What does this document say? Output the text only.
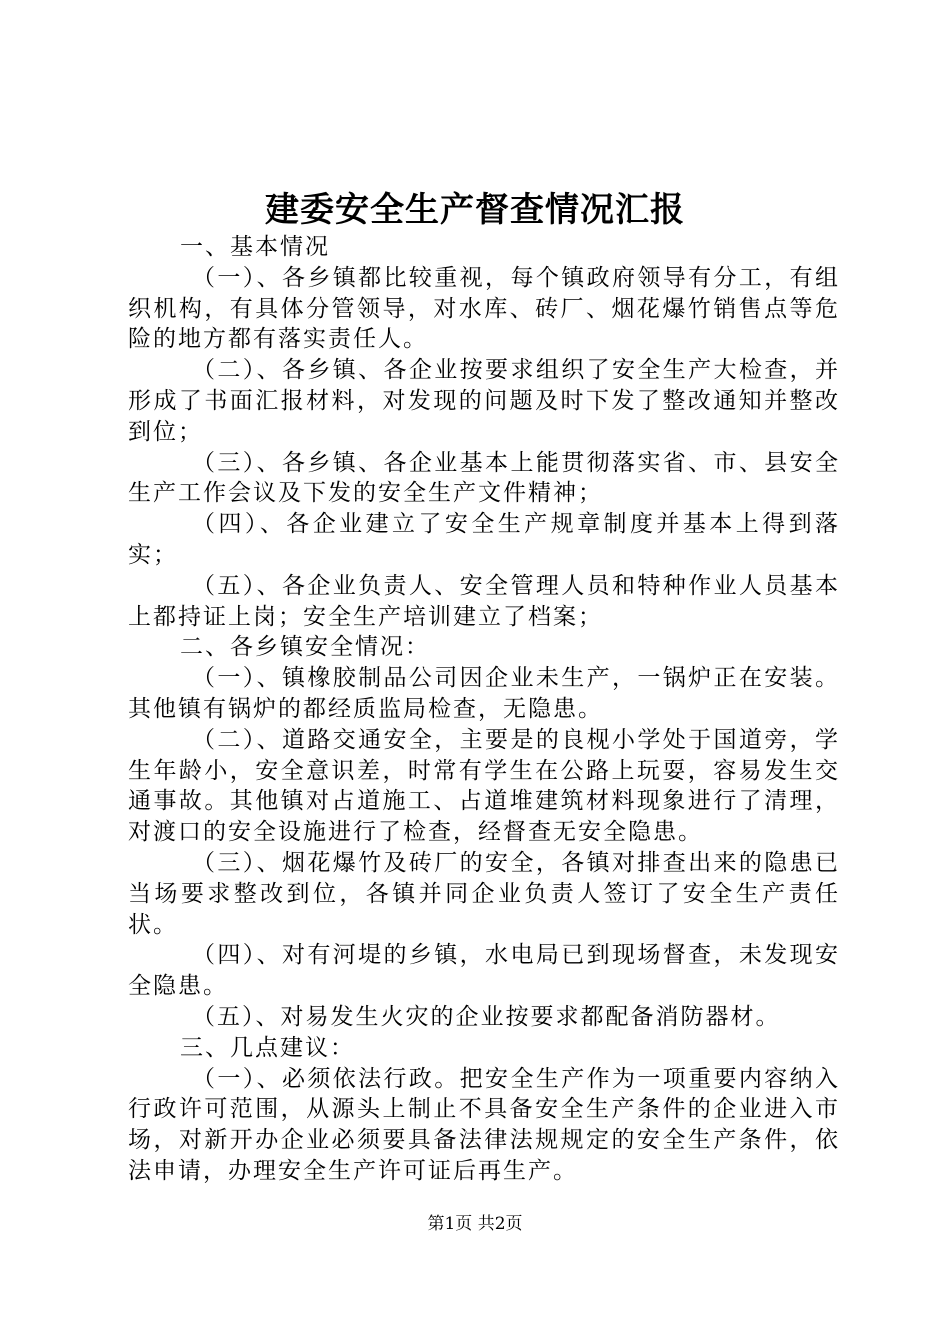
建委安全生产督查情况汇报

一、基本情况

（一）、各乡镇都比较重视，每个镇政府领导有分工，有组织机构，有具体分管领导，对水库、砖厂、烟花爆竹销售点等危险的地方都有落实责任人。

（二）、各乡镇、各企业按要求组织了安全生产大检查，并形成了书面汇报材料，对发现的问题及时下发了整改通知并整改到位；

（三）、各乡镇、各企业基本上能贯彻落实省、市、县安全生产工作会议及下发的安全生产文件精神；

（四）、各企业建立了安全生产规章制度并基本上得到落实；

（五）、各企业负责人、安全管理人员和特种作业人员基本上都持证上岗；安全生产培训建立了档案；

二、各乡镇安全情况：

（一）、镇橡胶制品公司因企业未生产，一锅炉正在安装。其他镇有锅炉的都经质监局检查，无隐患。

（二）、道路交通安全，主要是的良枧小学处于国道旁，学生年龄小，安全意识差，时常有学生在公路上玩耍，容易发生交通事故。其他镇对占道施工、占道堆建筑材料现象进行了清理，对渡口的安全设施进行了检查，经督查无安全隐患。

（三）、烟花爆竹及砖厂的安全，各镇对排查出来的隐患已当场要求整改到位，各镇并同企业负责人签订了安全生产责任状。

（四）、对有河堤的乡镇，水电局已到现场督查，未发现安全隐患。

（五）、对易发生火灾的企业按要求都配备消防器材。

三、几点建议：

（一）、必须依法行政。把安全生产作为一项重要内容纳入行政许可范围，从源头上制止不具备安全生产条件的企业进入市场，对新开办企业必须要具备法律法规规定的安全生产条件，依法申请，办理安全生产许可证后再生产。

第1页 共2页
